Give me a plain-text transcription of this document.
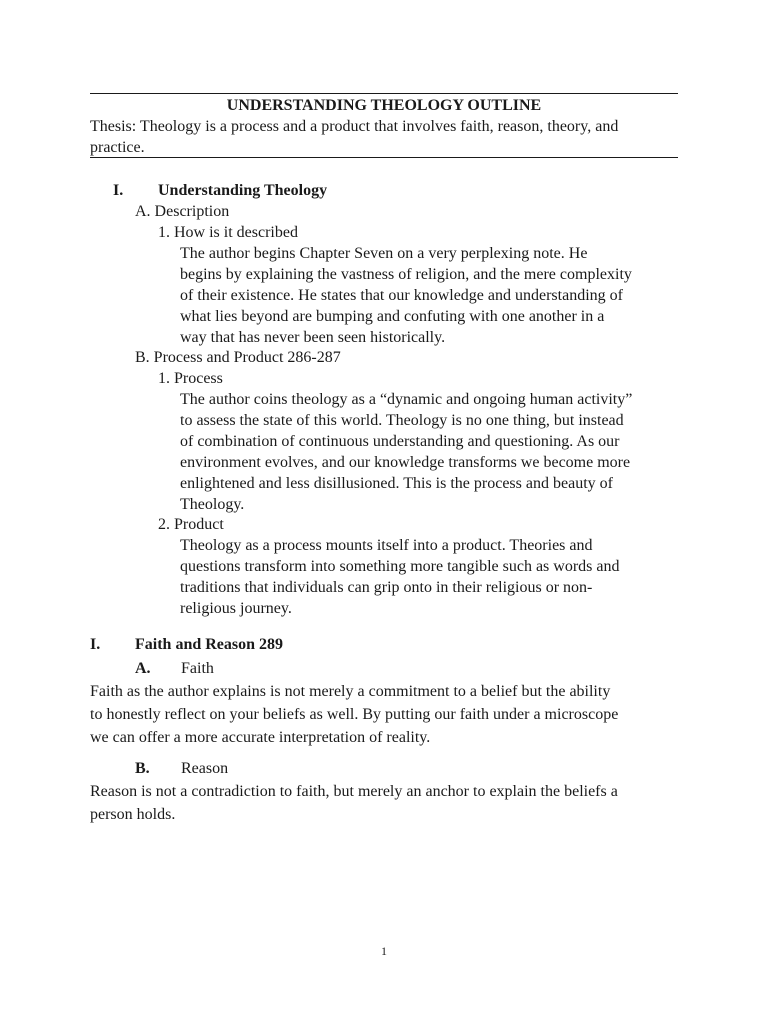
UNDERSTANDING THEOLOGY OUTLINE
Thesis: Theology is a process and a product that involves faith, reason, theory, and
practice.
I. Understanding Theology
A. Description
1. How is it described
The author begins Chapter Seven on a very perplexing note. He
begins by explaining the vastness of religion, and the mere complexity
of their existence. He states that our knowledge and understanding of
what lies beyond are bumping and confuting with one another in a
way that has never been seen historically.
B. Process and Product 286-287
1. Process
The author coins theology as a “dynamic and ongoing human activity”
to assess the state of this world. Theology is no one thing, but instead
of combination of continuous understanding and questioning. As our
environment evolves, and our knowledge transforms we become more
enlightened and less disillusioned. This is the process and beauty of
Theology.
2. Product
Theology as a process mounts itself into a product. Theories and
questions transform into something more tangible such as words and
traditions that individuals can grip onto in their religious or non-
religious journey.
I. Faith and Reason 289
A. Faith
Faith as the author explains is not merely a commitment to a belief but the ability
to honestly reflect on your beliefs as well. By putting our faith under a microscope
we can offer a more accurate interpretation of reality.
B. Reason
Reason is not a contradiction to faith, but merely an anchor to explain the beliefs a
person holds.
1
